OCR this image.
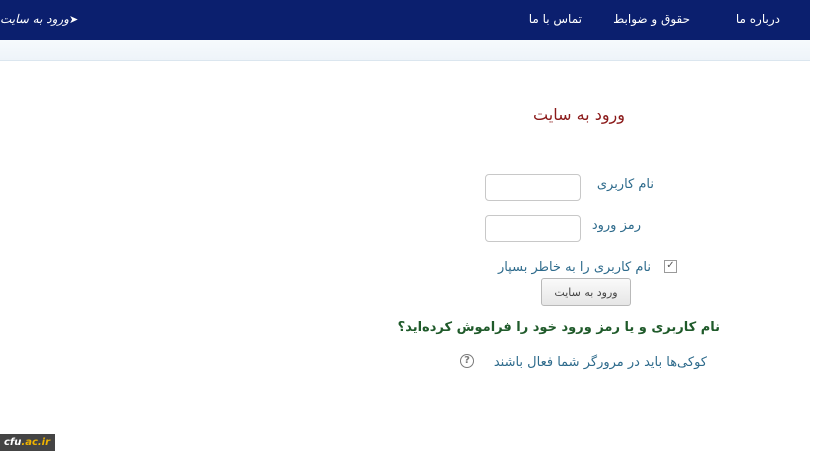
درباره ما
حقوق و ضوابط
تماس با ما
ورود به سایت➤
ورود به سایت
نام کاربری
رمز ورود
✓
نام کاربری را به خاطر بسپار
ورود به سایت
نام کاربری و یا رمز ورود خود را فراموش کرده‌اید؟
کوکی‌ها باید در مرورگر شما فعال باشند
?
cfu.ac.ir
